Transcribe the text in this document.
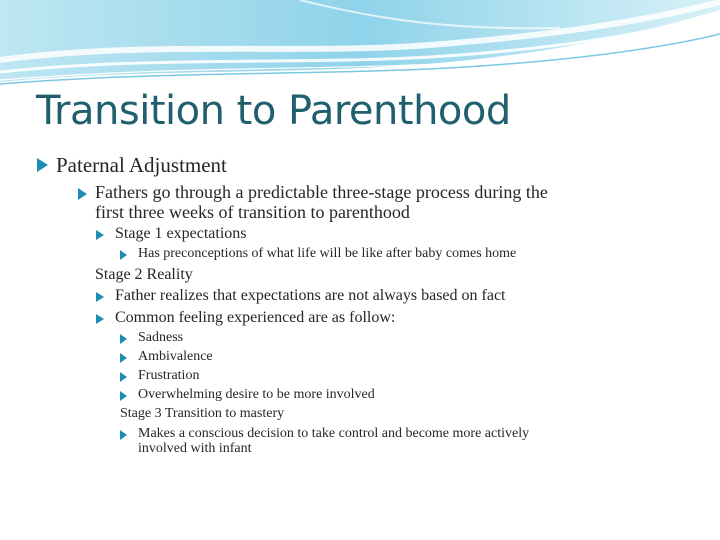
Transition to Parenthood
Paternal Adjustment
Fathers go through a predictable three-stage process during the
first three weeks of transition to parenthood
Stage 1 expectations
Has preconceptions of what life will be like after baby comes home
Stage 2 Reality
Father realizes that expectations are not always based on fact
Common feeling experienced are as follow:
Sadness
Ambivalence
Frustration
Overwhelming desire to be more involved
Stage 3 Transition to mastery
Makes a conscious decision to take control and become more actively
involved with infant
